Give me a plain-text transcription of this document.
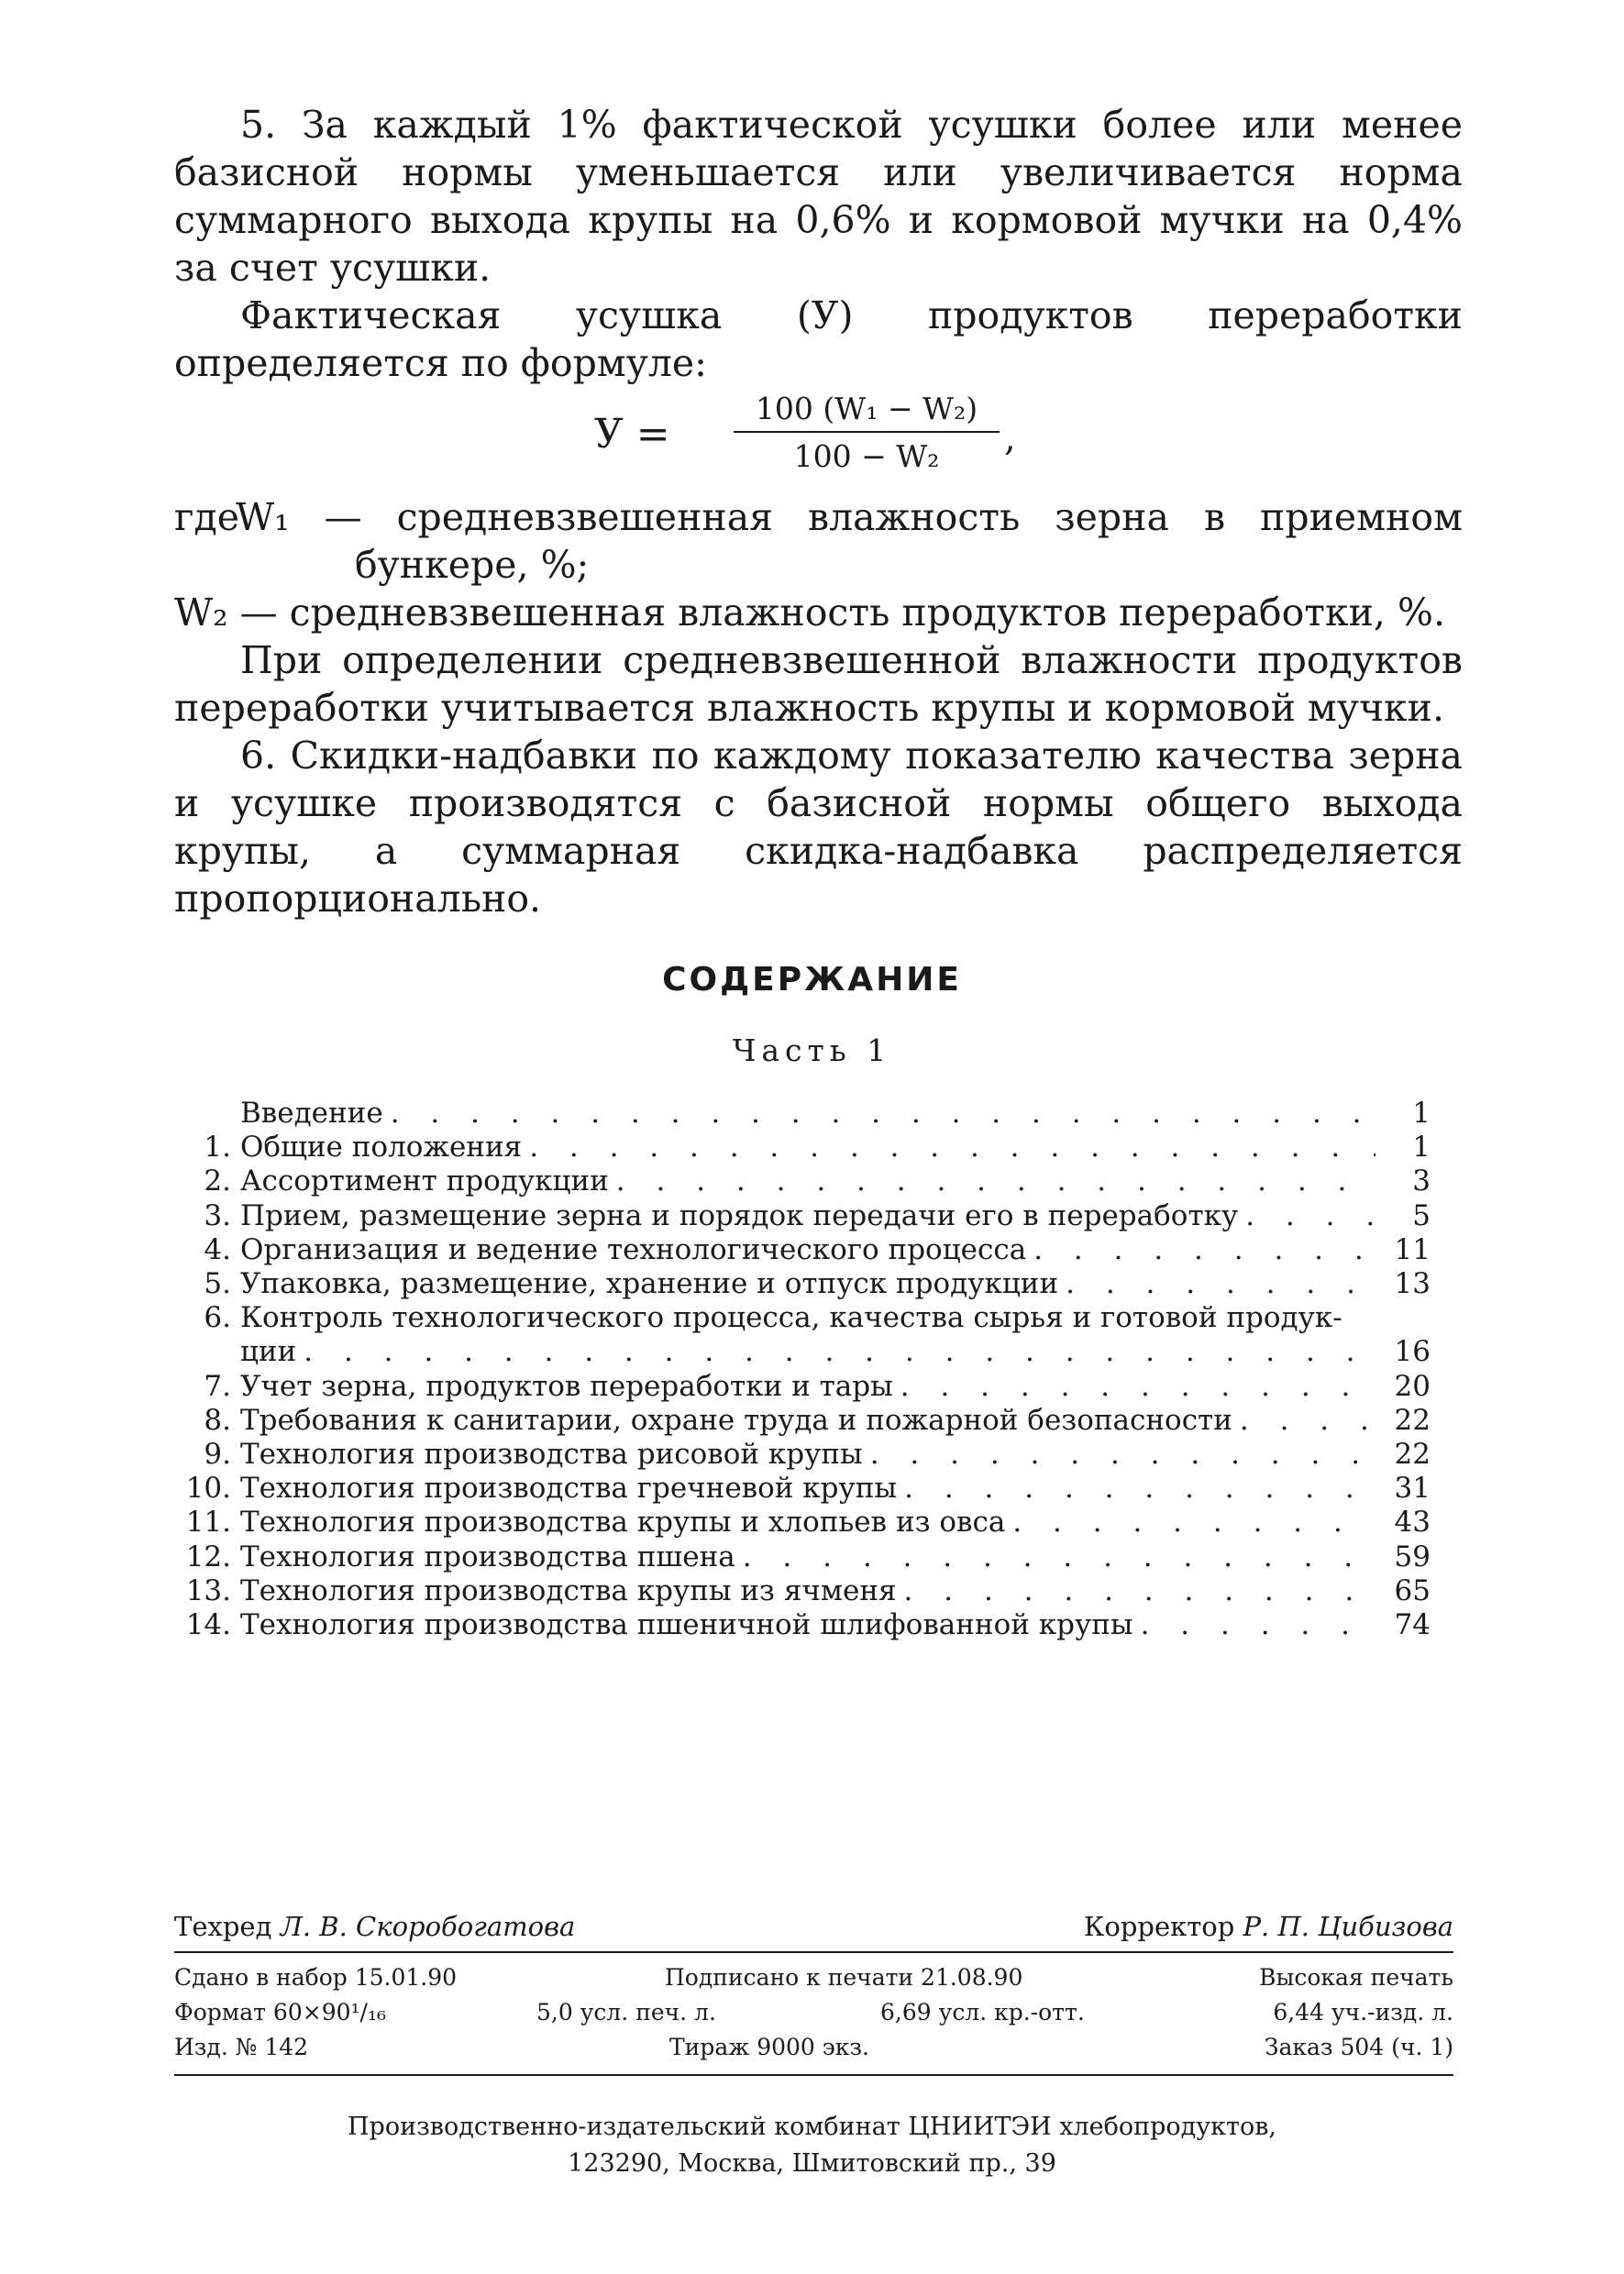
5. За каждый 1% фактической усушки более или менее базисной нормы уменьшается или увеличивается норма суммарного выхода крупы на 0,6% и кормовой мучки на 0,4% за счет усушки.

Фактическая усушка (У) продуктов переработки определяется по формуле:

$У = \frac{\text{100 (W₁ − W₂)}}{\text{100 − W₂}}$ ,
где

W₁ — средневзвешенная влажность зерна в приемном бункере, %;

W₂ — средневзвешенная влажность продуктов переработки, %.

При определении средневзвешенной влажности продуктов переработки учитывается влажность крупы и кормовой мучки.

6. Скидки-надбавки по каждому показателю качества зерна и усушке производятся с базисной нормы общего выхода крупы, а суммарная скидка-надбавка распределяется пропорционально.

СОДЕРЖАНИЕ
Часть 1
Введение . . .	1
1. Общие положения . . .	1
2. Ассортимент продукции . . .	3
3. Прием, размещение зерна и порядок передачи его в переработку . . .	5
4. Организация и ведение технологического процесса . . .	11
5. Упаковка, размещение, хранение и отпуск продукции . . .	13
6. Контроль технологического процесса, качества сырья и готовой продук-
ции . . .	16
7. Учет зерна, продуктов переработки и тары . . .	20
8. Требования к санитарии, охране труда и пожарной безопасности . . .	22
9. Технология производства рисовой крупы . . .	22
10. Технология производства гречневой крупы . . .	31
11. Технология производства крупы и хлопьев из овса . . .	43
12. Технология производства пшена . . .	59
13. Технология производства крупы из ячменя . . .	65
14. Технология производства пшеничной шлифованной крупы . . .	74
Техред Л. В. Скоробогатова	Корректор Р. П. Цибизова
Сдано в набор 15.01.90	Подписано к печати 21.08.90	Высокая печать
Формат 60×90¹/₁₆	5,0 усл. печ. л.	6,69 усл. кр.-отт.	6,44 уч.-изд. л.
Изд. № 142	Тираж 9000 экз.	Заказ 504 (ч. 1)
Производственно-издательский комбинат ЦНИИТЭИ хлебопродуктов,
123290, Москва, Шмитовский пр., 39
